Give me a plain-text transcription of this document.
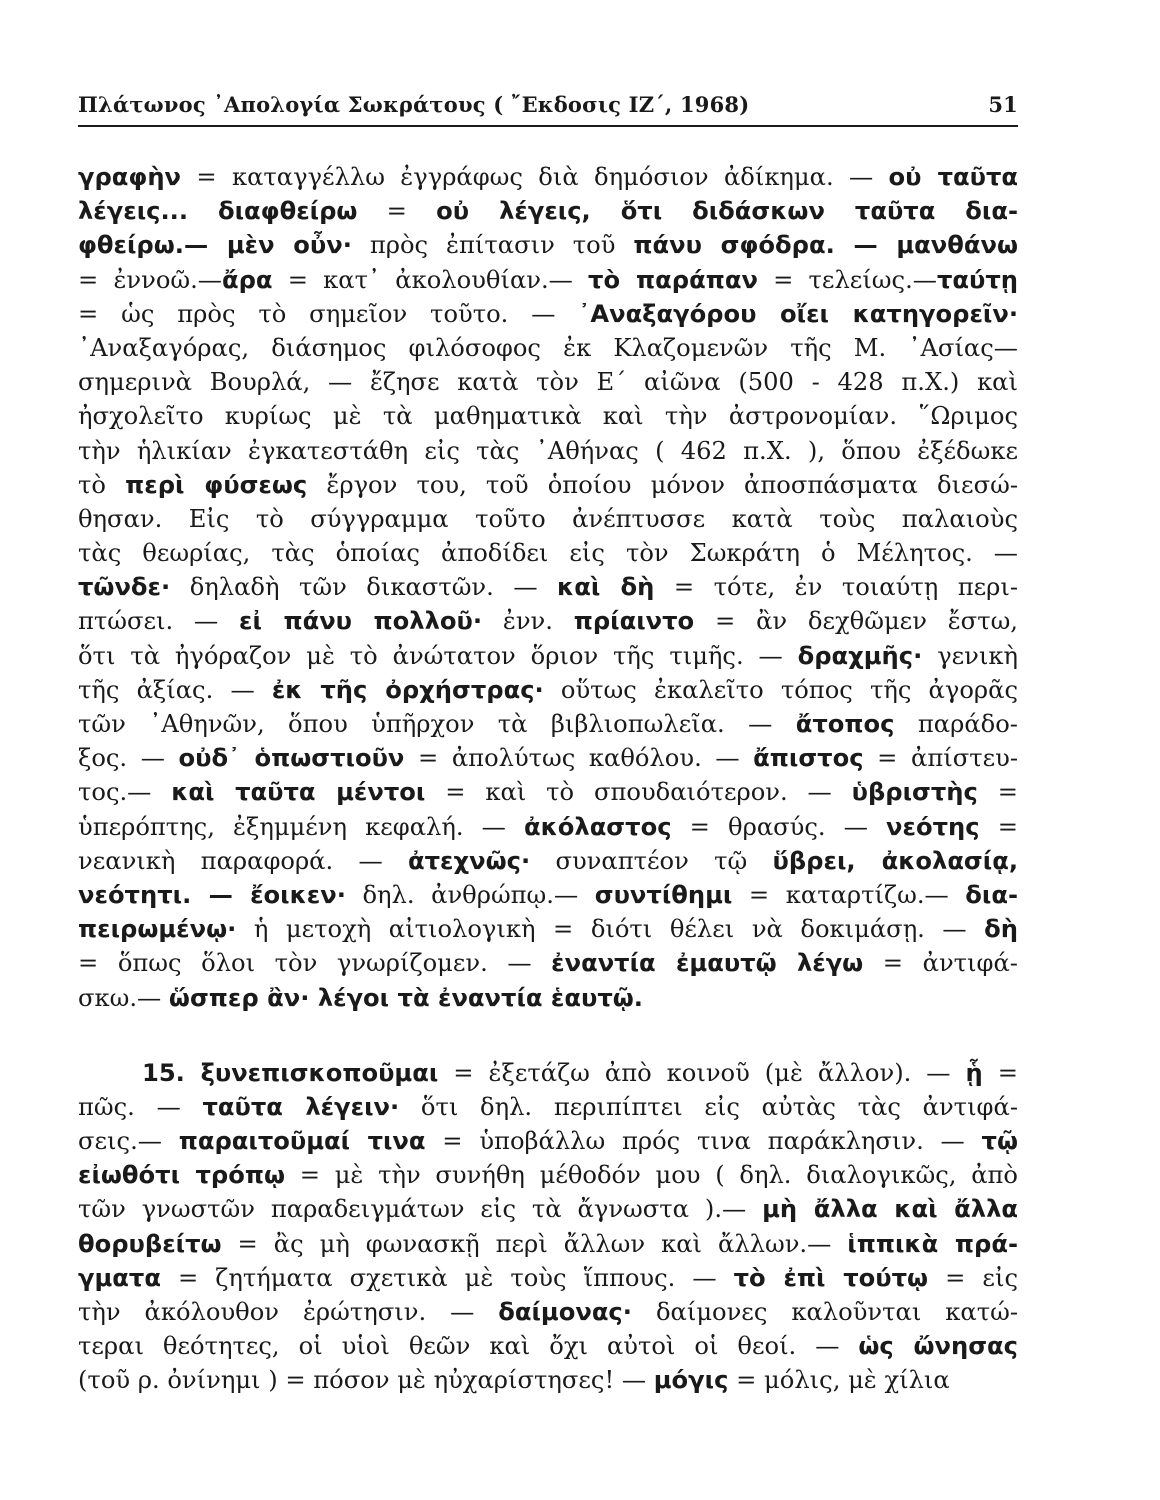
Πλάτωνος ᾿Απολογία Σωκράτους ( ῎Εκδοσις ΙΖ΄, 1968)	51
γραφὴν = καταγγέλλω ἐγγράφως διὰ δημόσιον ἀδίκημα. — οὐ ταῦτα
λέγεις... διαφθείρω = οὐ λέγεις, ὅτι διδάσκων ταῦτα δια-
φθείρω.— μὲν οὖν· πρὸς ἐπίτασιν τοῦ πάνυ σφόδρα. — μανθάνω
= ἐννοῶ.—ἄρα = κατ᾿ ἀκολουθίαν.— τὸ παράπαν = τελείως.—ταύτῃ
= ὡς πρὸς τὸ σημεῖον τοῦτο. — ᾿Αναξαγόρου οἴει κατηγορεῖν·
᾿Αναξαγόρας, διάσημος φιλόσοφος ἐκ Κλαζομενῶν τῆς Μ. ᾿Ασίας—
σημερινὰ Βουρλά, — ἔζησε κατὰ τὸν Ε΄ αἰῶνα (500 - 428 π.Χ.) καὶ
ἠσχολεῖτο κυρίως μὲ τὰ μαθηματικὰ καὶ τὴν ἀστρονομίαν. ῞Ωριμος
τὴν ἡλικίαν ἐγκατεστάθη εἰς τὰς ᾿Αθήνας ( 462 π.Χ. ), ὅπου ἐξέδωκε
τὸ περὶ φύσεως ἔργον του, τοῦ ὁποίου μόνον ἀποσπάσματα διεσώ-
θησαν. Εἰς τὸ σύγγραμμα τοῦτο ἀνέπτυσσε κατὰ τοὺς παλαιοὺς
τὰς θεωρίας, τὰς ὁποίας ἀποδίδει εἰς τὸν Σωκράτη ὁ Μέλητος. —
τῶνδε· δηλαδὴ τῶν δικαστῶν. — καὶ δὴ = τότε, ἐν τοιαύτῃ περι-
πτώσει. — εἰ πάνυ πολλοῦ· ἐνν. πρίαιντο = ἂν δεχθῶμεν ἔστω,
ὅτι τὰ ἠγόραζον μὲ τὸ ἀνώτατον ὅριον τῆς τιμῆς. — δραχμῆς· γενικὴ
τῆς ἀξίας. — ἐκ τῆς ὀρχήστρας· οὕτως ἐκαλεῖτο τόπος τῆς ἀγορᾶς
τῶν ᾿Αθηνῶν, ὅπου ὑπῆρχον τὰ βιβλιοπωλεῖα. — ἄτοπος παράδο-
ξος. — οὐδ᾿ ὁπωστιοῦν = ἀπολύτως καθόλου. — ἄπιστος = ἀπίστευ-
τος.— καὶ ταῦτα μέντοι = καὶ τὸ σπουδαιότερον. — ὑβριστὴς =
ὑπερόπτης, ἐξημμένη κεφαλή. — ἀκόλαστος = θρασύς. — νεότης =
νεανικὴ παραφορά. — ἀτεχνῶς· συναπτέον τῷ ὕβρει, ἀκολασίᾳ,
νεότητι. — ἔοικεν· δηλ. ἀνθρώπῳ.— συντίθημι = καταρτίζω.— δια-
πειρωμένῳ· ἡ μετοχὴ αἰτιολογικὴ = διότι θέλει νὰ δοκιμάσῃ. — δὴ
= ὅπως ὅλοι τὸν γνωρίζομεν. — ἐναντία ἐμαυτῷ λέγω = ἀντιφά-
σκω.— ὥσπερ ἂν· λέγοι τὰ ἐναντία ἑαυτῷ.
15. ξυνεπισκοποῦμαι = ἐξετάζω ἀπὸ κοινοῦ (μὲ ἄλλον). — ᾗ =
πῶς. — ταῦτα λέγειν· ὅτι δηλ. περιπίπτει εἰς αὐτὰς τὰς ἀντιφά-
σεις.— παραιτοῦμαί τινα = ὑποβάλλω πρός τινα παράκλησιν. — τῷ
εἰωθότι τρόπῳ = μὲ τὴν συνήθη μέθοδόν μου ( δηλ. διαλογικῶς, ἀπὸ
τῶν γνωστῶν παραδειγμάτων εἰς τὰ ἄγνωστα ).— μὴ ἄλλα καὶ ἄλλα
θορυβείτω = ἂς μὴ φωνασκῇ περὶ ἄλλων καὶ ἄλλων.— ἱππικὰ πρά-
γματα = ζητήματα σχετικὰ μὲ τοὺς ἵππους. — τὸ ἐπὶ τούτῳ = εἰς
τὴν ἀκόλουθον ἐρώτησιν. — δαίμονας· δαίμονες καλοῦνται κατώ-
τεραι θεότητες, οἱ υἱοὶ θεῶν καὶ ὄχι αὐτοὶ οἱ θεοί. — ὡς ὤνησας
(τοῦ ρ. ὀνίνημι ) = πόσον μὲ ηὐχαρίστησες! — μόγις = μόλις, μὲ χίλια
